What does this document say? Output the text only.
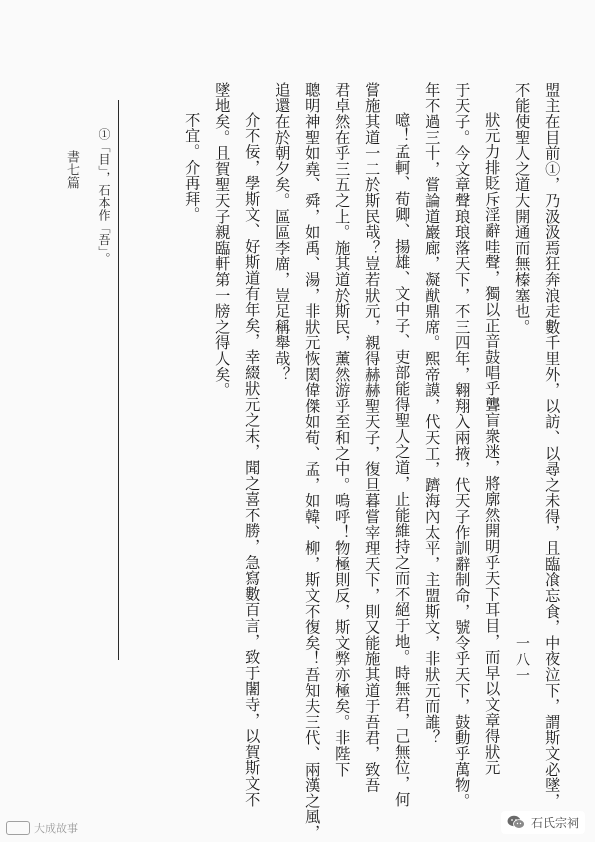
盟主在目前①，乃汲汲焉狂奔浪走數千里外，以訪、以尋之未得，且臨飡忘食，中夜泣下，謂斯文必墜，
不能使聖人之道大開通而無榛塞也。
狀元力排貶斥淫辭哇聲，獨以正音鼓唱乎聾盲衆迷，將廓然開明乎天下耳目，而早以文章得狀元
于天子。今文章聲琅琅落天下，不三四年，翱翔入兩掖，代天子作訓辭制命，號令乎天下，鼓動乎萬物。
年不過三十，嘗論道巖廊，凝猷鼎席。熙帝謨，代天工，躋海內太平，主盟斯文，非狀元而誰？
噫！孟軻、荀卿、揚雄、文中子、吏部能得聖人之道，止能維持之而不絕于地。時無君，己無位，何
嘗施其道一二於斯民哉？豈若狀元，親得赫赫聖天子，復旦暮嘗宰理天下，則又能施其道于吾君，致吾
君卓然在乎三五之上。施其道於斯民，薰然游乎至和之中。嗚呼！物極則反，斯文弊亦極矣。非陛下
聰明神聖如堯、舜，如禹、湯，非狀元恢閎偉傑如荀、孟，如韓、柳，斯文不復矣！吾知夫三代、兩漢之風，
追還在於朝夕矣。區區李庿，豈足稱舉哉？
介不佞，學斯文、好斯道有年矣，幸綴狀元之末，聞之喜不勝，急寫數百言，致于闍寺，以賀斯文不
墜地矣。且賀聖天子親臨軒第一牓之得人矣。
不宜。介再拜。
①「目」，石本作「吾」。
書七篇
一八一
大成故事	石氏宗祠
